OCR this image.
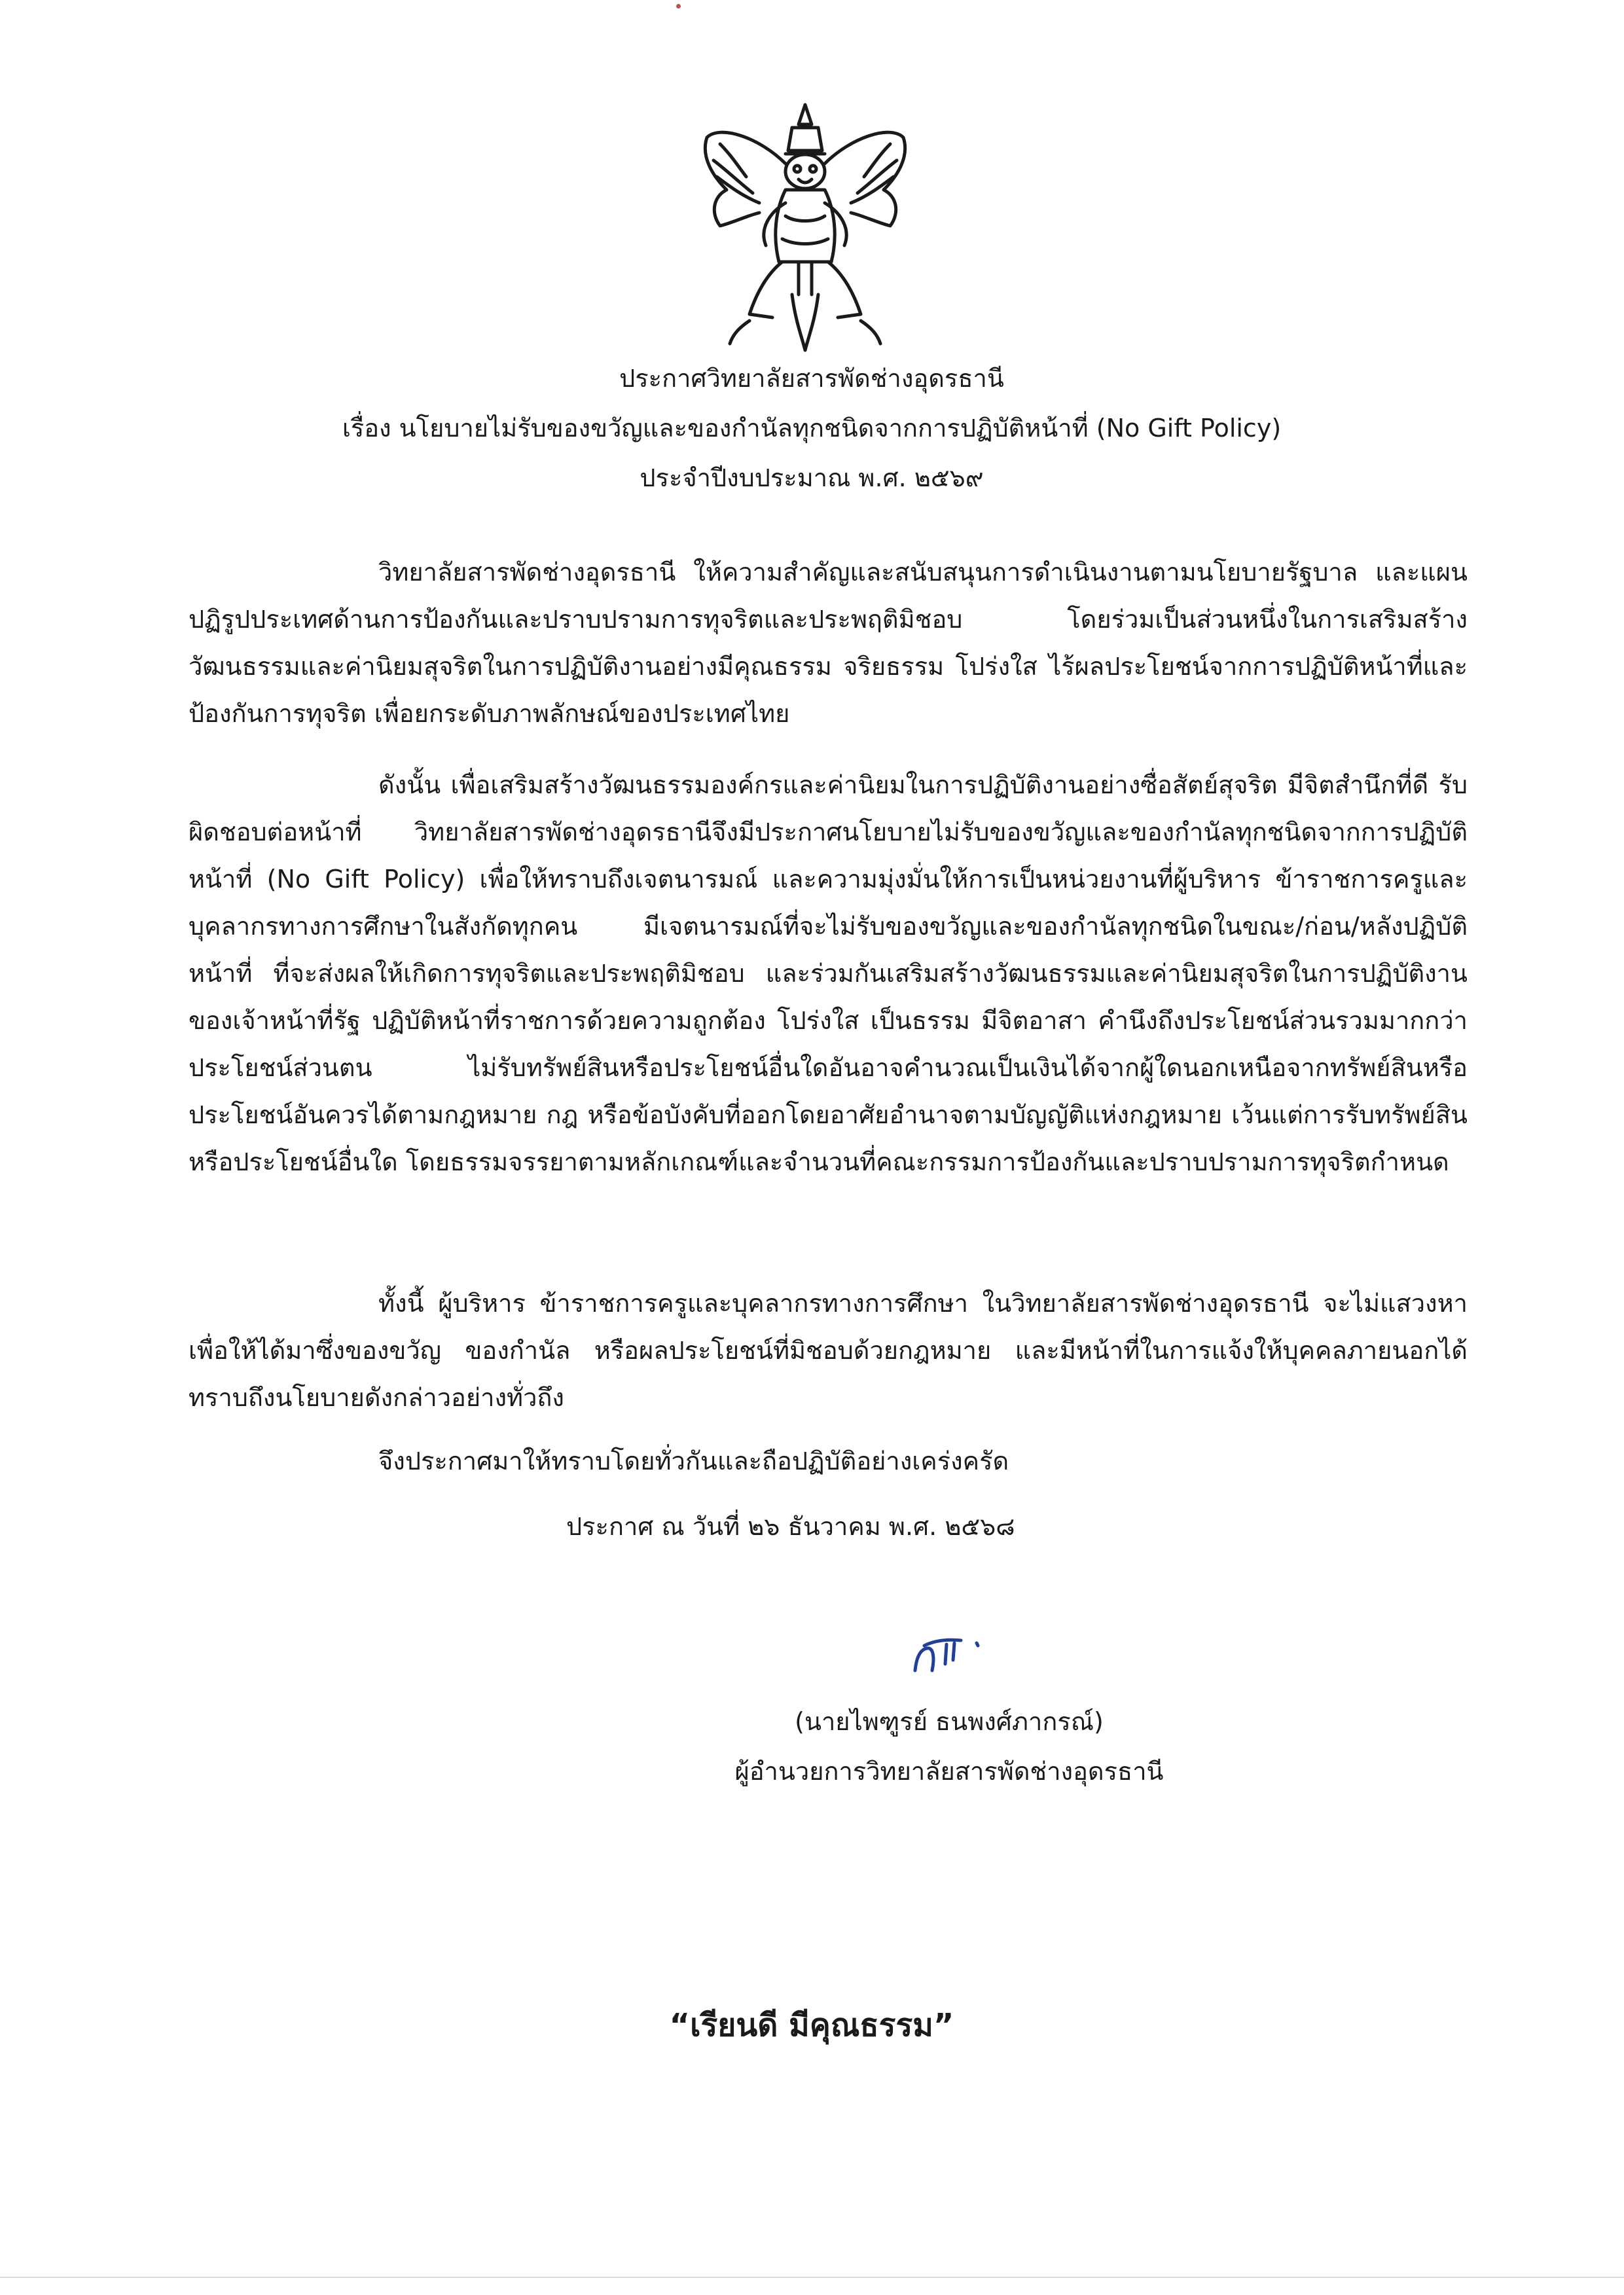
ประกาศวิทยาลัยสารพัดช่างอุดรธานี
เรื่อง นโยบายไม่รับของขวัญและของกำนัลทุกชนิดจากการปฏิบัติหน้าที่ (No Gift Policy)
ประจำปีงบประมาณ พ.ศ. ๒๕๖๙

วิทยาลัยสารพัดช่างอุดรธานี ให้ความสำคัญและสนับสนุนการดำเนินงานตามนโยบายรัฐบาล และแผนปฏิรูปประเทศด้านการป้องกันและปราบปรามการทุจริตและประพฤติมิชอบ โดยร่วมเป็นส่วนหนึ่งในการเสริมสร้างวัฒนธรรมและค่านิยมสุจริตในการปฏิบัติงานอย่างมีคุณธรรม จริยธรรม โปร่งใส ไร้ผลประโยชน์จากการปฏิบัติหน้าที่และป้องกันการทุจริต เพื่อยกระดับภาพลักษณ์ของประเทศไทย

ดังนั้น เพื่อเสริมสร้างวัฒนธรรมองค์กรและค่านิยมในการปฏิบัติงานอย่างซื่อสัตย์สุจริต มีจิตสำนึกที่ดี รับผิดชอบต่อหน้าที่ วิทยาลัยสารพัดช่างอุดรธานีจึงมีประกาศนโยบายไม่รับของขวัญและของกำนัลทุกชนิดจากการปฏิบัติหน้าที่ (No Gift Policy) เพื่อให้ทราบถึงเจตนารมณ์ และความมุ่งมั่นให้การเป็นหน่วยงานที่ผู้บริหาร ข้าราชการครูและบุคลากรทางการศึกษาในสังกัดทุกคน มีเจตนารมณ์ที่จะไม่รับของขวัญและของกำนัลทุกชนิดในขณะ/ก่อน/หลังปฏิบัติหน้าที่ ที่จะส่งผลให้เกิดการทุจริตและประพฤติมิชอบ และร่วมกันเสริมสร้างวัฒนธรรมและค่านิยมสุจริตในการปฏิบัติงานของเจ้าหน้าที่รัฐ ปฏิบัติหน้าที่ราชการด้วยความถูกต้อง โปร่งใส เป็นธรรม มีจิตอาสา คำนึงถึงประโยชน์ส่วนรวมมากกว่าประโยชน์ส่วนตน ไม่รับทรัพย์สินหรือประโยชน์อื่นใดอันอาจคำนวณเป็นเงินได้จากผู้ใดนอกเหนือจากทรัพย์สินหรือประโยชน์อันควรได้ตามกฎหมาย กฎ หรือข้อบังคับที่ออกโดยอาศัยอำนาจตามบัญญัติแห่งกฎหมาย เว้นแต่การรับทรัพย์สินหรือประโยชน์อื่นใด โดยธรรมจรรยาตามหลักเกณฑ์และจำนวนที่คณะกรรมการป้องกันและปราบปรามการทุจริตกำหนด

ทั้งนี้ ผู้บริหาร ข้าราชการครูและบุคลากรทางการศึกษา ในวิทยาลัยสารพัดช่างอุดรธานี จะไม่แสวงหาเพื่อให้ได้มาซึ่งของขวัญ ของกำนัล หรือผลประโยชน์ที่มิชอบด้วยกฎหมาย และมีหน้าที่ในการแจ้งให้บุคคลภายนอกได้ทราบถึงนโยบายดังกล่าวอย่างทั่วถึง

จึงประกาศมาให้ทราบโดยทั่วกันและถือปฏิบัติอย่างเคร่งครัด

ประกาศ ณ วันที่ ๒๖ ธันวาคม พ.ศ. ๒๕๖๘
(นายไพฑูรย์ ธนพงศ์ภากรณ์)
ผู้อำนวยการวิทยาลัยสารพัดช่างอุดรธานี
“เรียนดี มีคุณธรรม”
